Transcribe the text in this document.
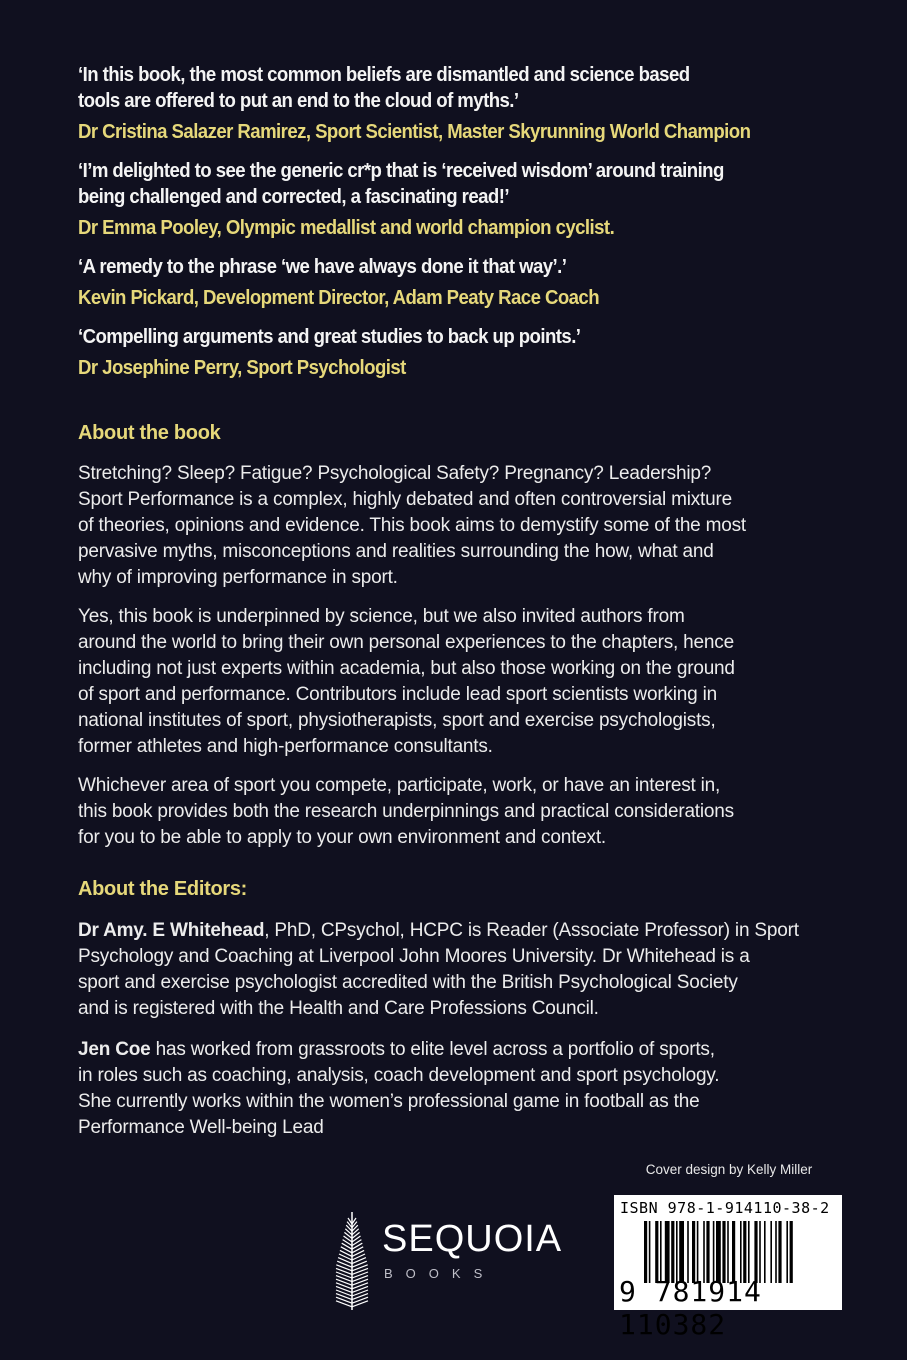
‘In this book, the most common beliefs are dismantled and science based
tools are offered to put an end to the cloud of myths.’
Dr Cristina Salazer Ramirez, Sport Scientist, Master Skyrunning World Champion
‘I’m delighted to see the generic cr*p that is ‘received wisdom’ around training
being challenged and corrected, a fascinating read!’
Dr Emma Pooley, Olympic medallist and world champion cyclist.
‘A remedy to the phrase ‘we have always done it that way’.’
Kevin Pickard, Development Director, Adam Peaty Race Coach
‘Compelling arguments and great studies to back up points.’
Dr Josephine Perry, Sport Psychologist
About the book
Stretching? Sleep? Fatigue? Psychological Safety? Pregnancy? Leadership?
Sport Performance is a complex, highly debated and often controversial mixture
of theories, opinions and evidence. This book aims to demystify some of the most
pervasive myths, misconceptions and realities surrounding the how, what and
why of improving performance in sport.
Yes, this book is underpinned by science, but we also invited authors from
around the world to bring their own personal experiences to the chapters, hence
including not just experts within academia, but also those working on the ground
of sport and performance. Contributors include lead sport scientists working in
national institutes of sport, physiotherapists, sport and exercise psychologists,
former athletes and high-performance consultants.
Whichever area of sport you compete, participate, work, or have an interest in,
this book provides both the research underpinnings and practical considerations
for you to be able to apply to your own environment and context.
About the Editors:
Dr Amy. E Whitehead, PhD, CPsychol, HCPC is Reader (Associate Professor) in Sport
Psychology and Coaching at Liverpool John Moores University. Dr Whitehead is a
sport and exercise psychologist accredited with the British Psychological Society
and is registered with the Health and Care Professions Council.
Jen Coe has worked from grassroots to elite level across a portfolio of sports,
in roles such as coaching, analysis, coach development and sport psychology.
She currently works within the women’s professional game in football as the
Performance Well-being Lead
Cover design by Kelly Miller
SEQUOIA
BOOKS
ISBN 978-1-914110-38-2
9 781914 110382
